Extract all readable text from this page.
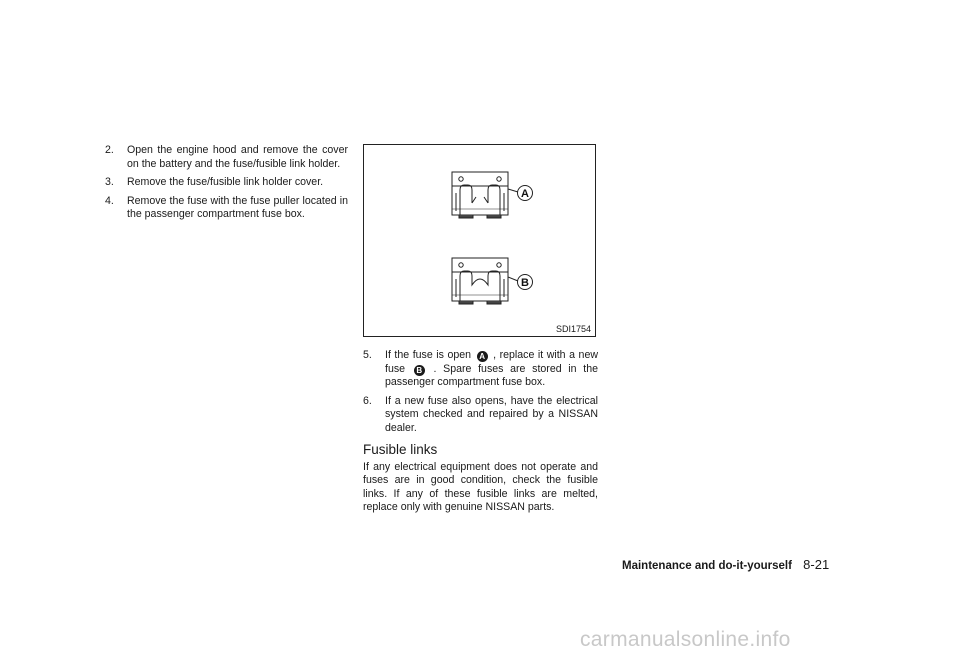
2. Open the engine hood and remove the cover on the battery and the fuse/fusible link holder.
3. Remove the fuse/fusible link holder cover.
4. Remove the fuse with the fuse puller located in the passenger compartment fuse box.
A
B
SDI1754
5. If the fuse is open A , replace it with a new fuse B . Spare fuses are stored in the passenger compartment fuse box.
6. If a new fuse also opens, have the electrical system checked and repaired by a NISSAN dealer.
Fusible links

If any electrical equipment does not operate and fuses are in good condition, check the fusible links. If any of these fusible links are melted, replace only with genuine NISSAN parts.

Maintenance and do-it-yourself 8-21
carmanualsonline.info
